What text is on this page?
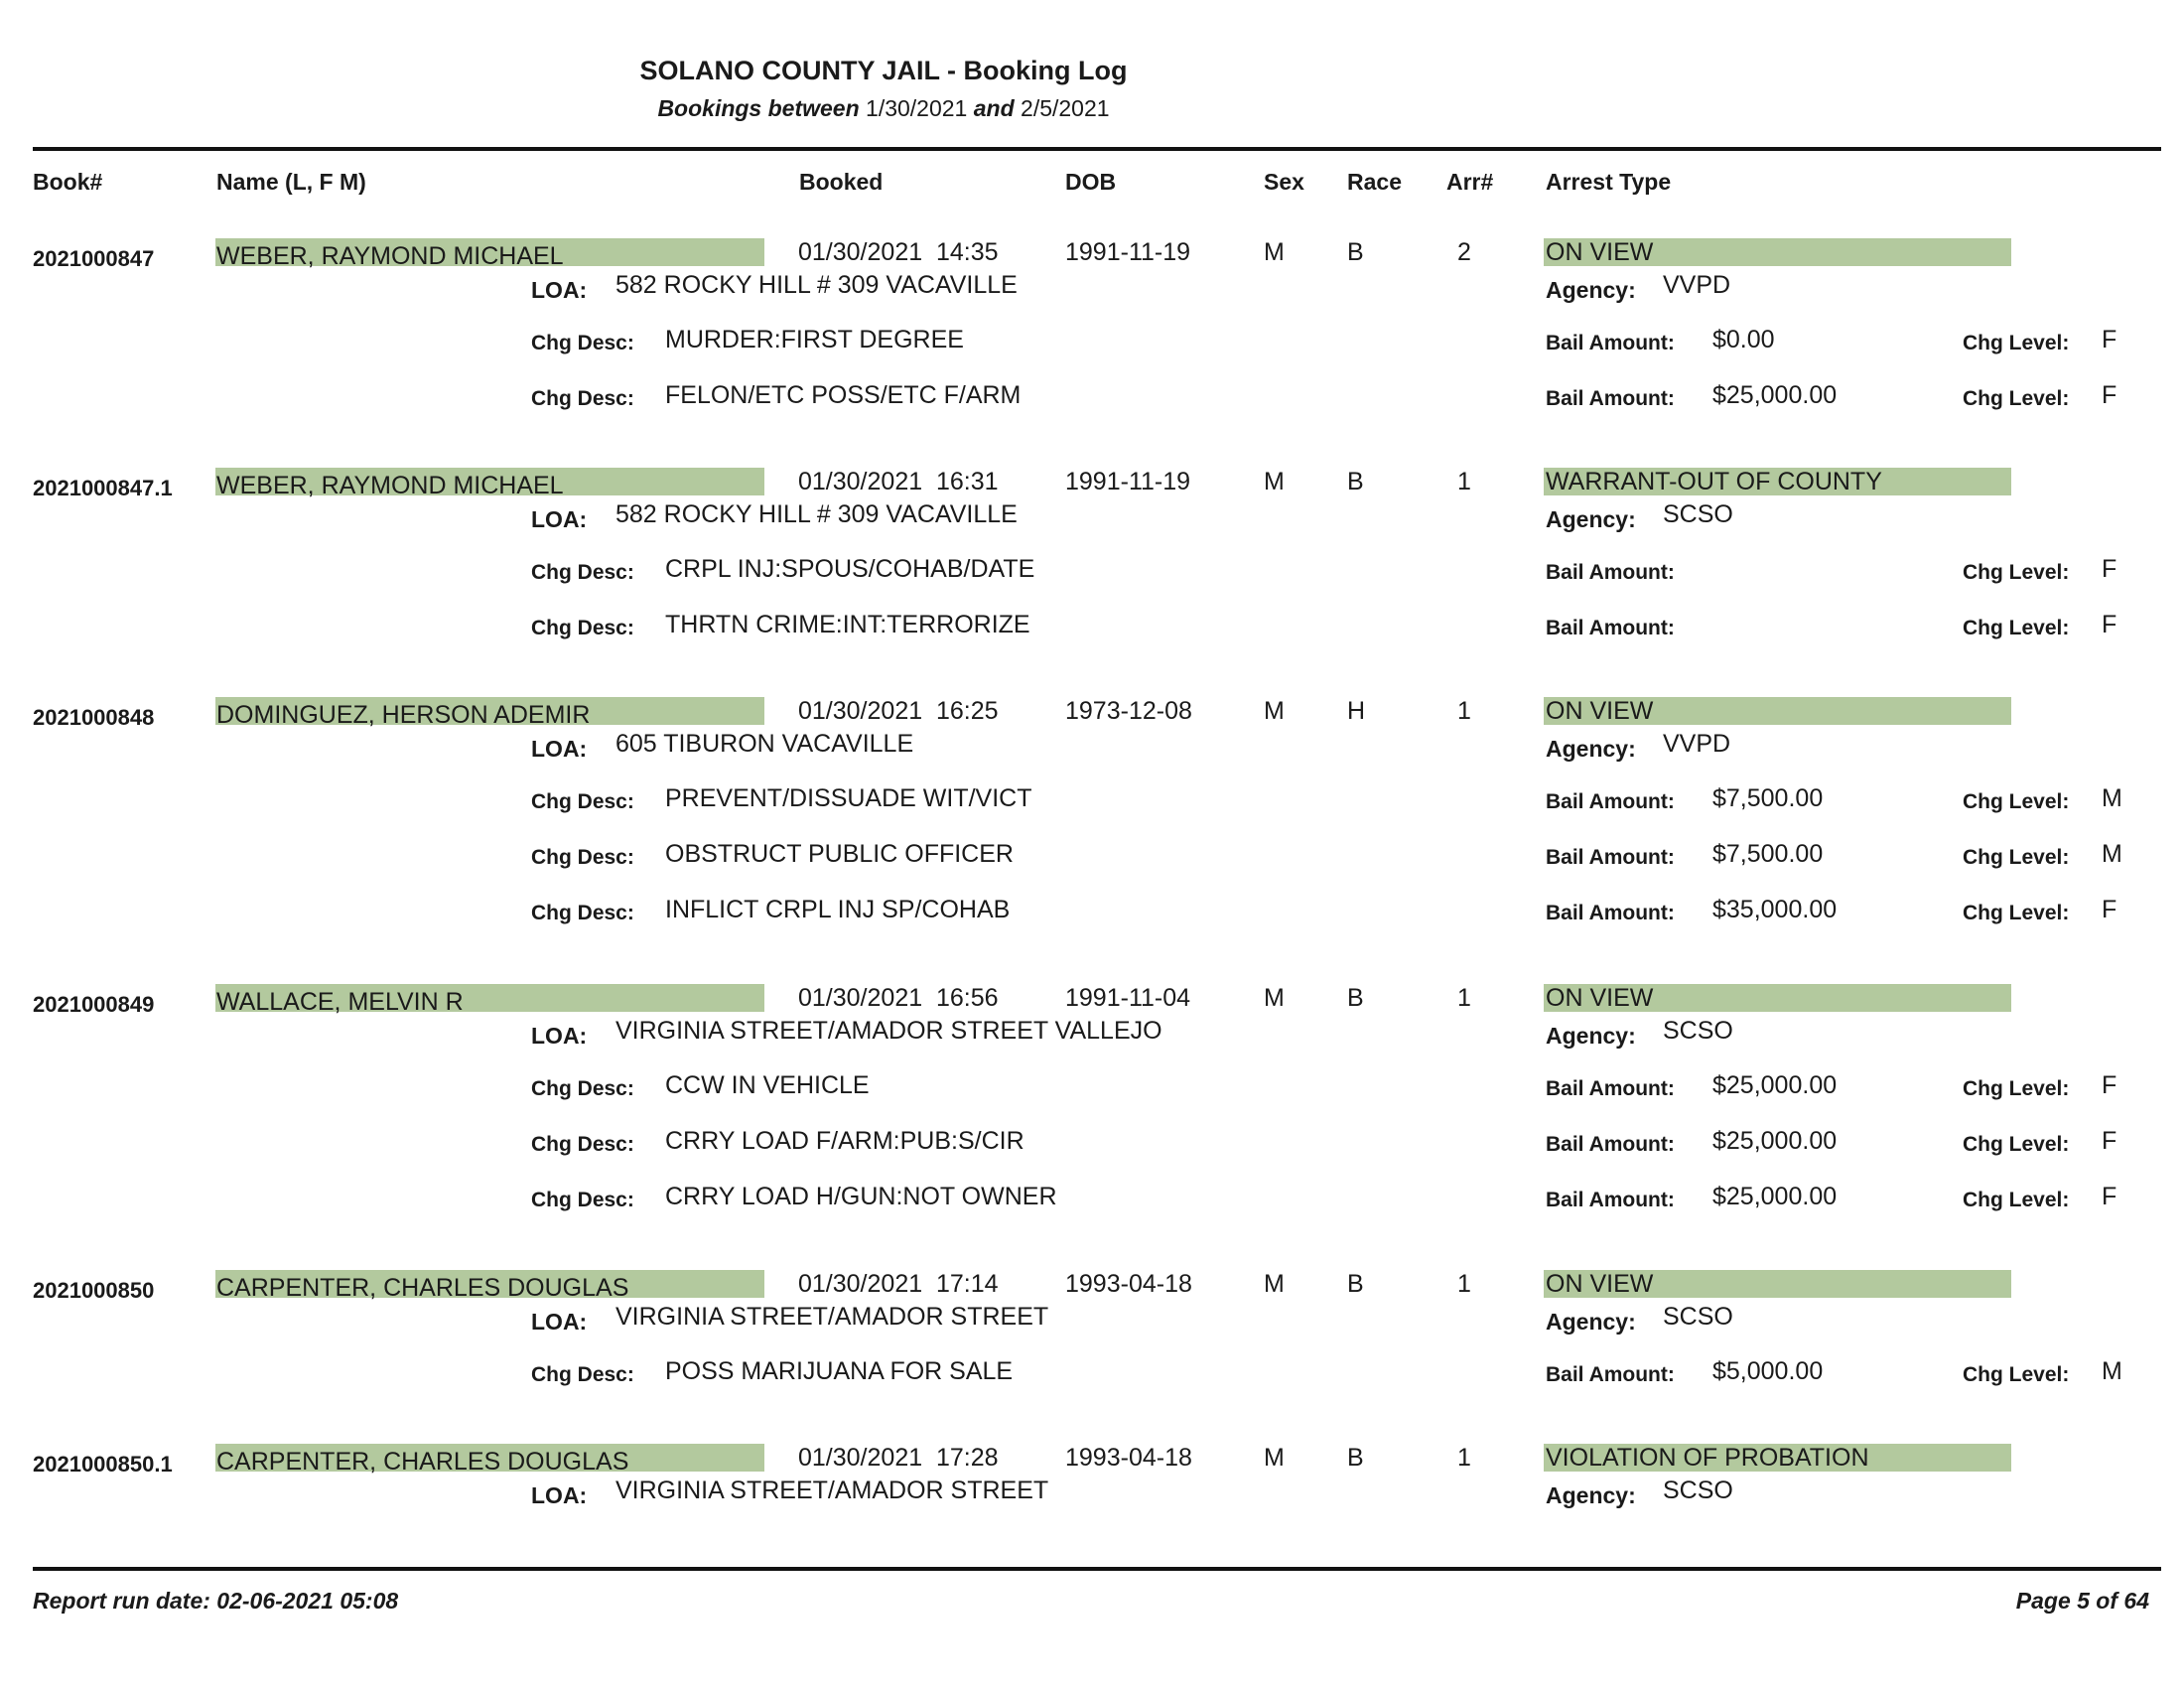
SOLANO COUNTY JAIL - Booking Log
Bookings between 1/30/2021 and 2/5/2021
Book#	Name (L, F M)	Booked	DOB	Sex Race Arr# Arrest Type
2021000847	WEBER, RAYMOND MICHAEL	01/30/2021 14:35	1991-11-19	M	B	2	ON VIEW
LOA: 582 ROCKY HILL # 309 VACAVILLE	Agency: VVPD
Chg Desc: MURDER:FIRST DEGREE	Bail Amount: $0.00	Chg Level: F
Chg Desc: FELON/ETC POSS/ETC F/ARM	Bail Amount: $25,000.00	Chg Level: F
2021000847.1 WEBER, RAYMOND MICHAEL	01/30/2021 16:31	1991-11-19	M	B	1	WARRANT-OUT OF COUNTY
LOA: 582 ROCKY HILL # 309 VACAVILLE	Agency: SCSO
Chg Desc: CRPL INJ:SPOUS/COHAB/DATE	Bail Amount:	Chg Level: F
Chg Desc: THRTN CRIME:INT:TERRORIZE	Bail Amount:	Chg Level: F
2021000848	DOMINGUEZ, HERSON ADEMIR	01/30/2021 16:25	1973-12-08	M	H	1	ON VIEW
LOA: 605 TIBURON VACAVILLE	Agency: VVPD
Chg Desc: PREVENT/DISSUADE WIT/VICT	Bail Amount: $7,500.00	Chg Level: M
Chg Desc: OBSTRUCT PUBLIC OFFICER	Bail Amount: $7,500.00	Chg Level: M
Chg Desc: INFLICT CRPL INJ SP/COHAB	Bail Amount: $35,000.00	Chg Level: F
2021000849	WALLACE, MELVIN R	01/30/2021 16:56	1991-11-04	M	B	1	ON VIEW
LOA: VIRGINIA STREET/AMADOR STREET VALLEJO	Agency: SCSO
Chg Desc: CCW IN VEHICLE	Bail Amount: $25,000.00	Chg Level: F
Chg Desc: CRRY LOAD F/ARM:PUB:S/CIR	Bail Amount: $25,000.00	Chg Level: F
Chg Desc: CRRY LOAD H/GUN:NOT OWNER	Bail Amount: $25,000.00	Chg Level: F
2021000850	CARPENTER, CHARLES DOUGLAS	01/30/2021 17:14	1993-04-18	M	B	1	ON VIEW
LOA: VIRGINIA STREET/AMADOR STREET	Agency: SCSO
Chg Desc: POSS MARIJUANA FOR SALE	Bail Amount: $5,000.00	Chg Level: M
2021000850.1 CARPENTER, CHARLES DOUGLAS	01/30/2021 17:28	1993-04-18	M	B	1	VIOLATION OF PROBATION
LOA: VIRGINIA STREET/AMADOR STREET	Agency: SCSO
Report run date: 02-06-2021 05:08	Page 5 of 64
